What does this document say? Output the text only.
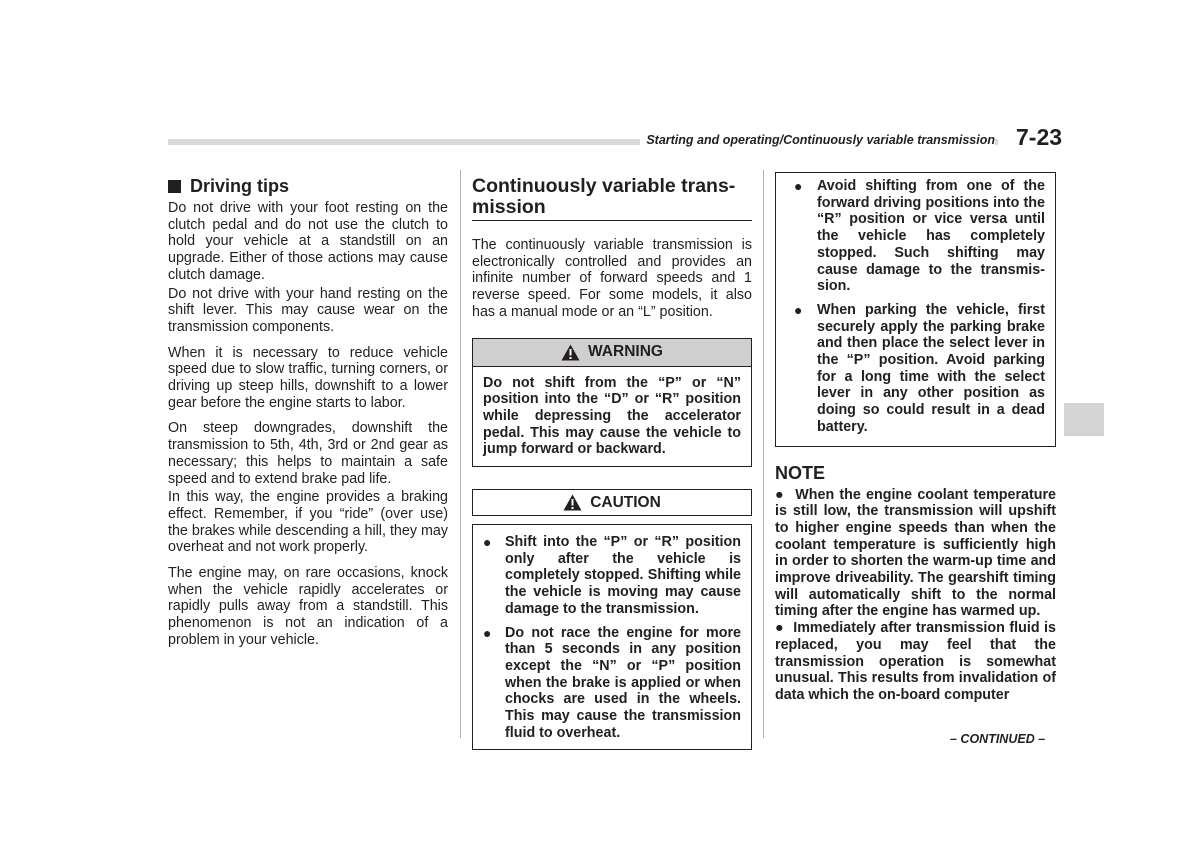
Starting and operating/Continuously variable transmission 7-23
Driving tips

Do not drive with your foot resting on the clutch pedal and do not use the clutch to hold your vehicle at a standstill on an upgrade. Either of those actions may cause clutch damage.

Do not drive with your hand resting on the shift lever. This may cause wear on the transmission components.

When it is necessary to reduce vehicle speed due to slow traffic, turning corners, or driving up steep hills, downshift to a lower gear before the engine starts to labor.

On steep downgrades, downshift the transmission to 5th, 4th, 3rd or 2nd gear as necessary; this helps to maintain a safe speed and to extend brake pad life.

In this way, the engine provides a braking effect. Remember, if you “ride” (over use) the brakes while descending a hill, they may overheat and not work properly.

The engine may, on rare occasions, knock when the vehicle rapidly accelerates or rapidly pulls away from a standstill. This phenomenon is not an indication of a problem in your vehicle.

Continuously variable trans-
mission

The continuously variable transmission is electronically controlled and provides an infinite number of forward speeds and 1 reverse speed. For some models, it also has a manual mode or an “L” position.

WARNING

Do not shift from the “P” or “N” position into the “D” or “R” position while depressing the accelerator pedal. This may cause the vehicle to jump forward or backward.

CAUTION
● Shift into the “P” or “R” position only after the vehicle is completely stopped. Shifting while the vehicle is moving may cause damage to the transmission.

● Do not race the engine for more than 5 seconds in any position except the “N” or “P” position when the brake is applied or when chocks are used in the wheels. This may cause the transmission fluid to overheat.

●	Avoid shifting from one of the forward driving positions into the “R” position or vice versa until the vehicle has completely stopped. Such shifting may cause damage to the transmis-sion.

●	When parking the vehicle, first securely apply the parking brake and then place the select lever in the “P” position. Avoid parking for a long time with the select lever in any other position as doing so could result in a dead battery.

NOTE

● When the engine coolant temperature is still low, the transmission will upshift to higher engine speeds than when the coolant temperature is sufficiently high in order to shorten the warm-up time and improve driveability. The gearshift timing will automatically shift to the normal timing after the engine has warmed up.

● Immediately after transmission fluid is replaced, you may feel that the transmission operation is somewhat unusual. This results from invalidation of data which the on-board computer

– CONTINUED –
